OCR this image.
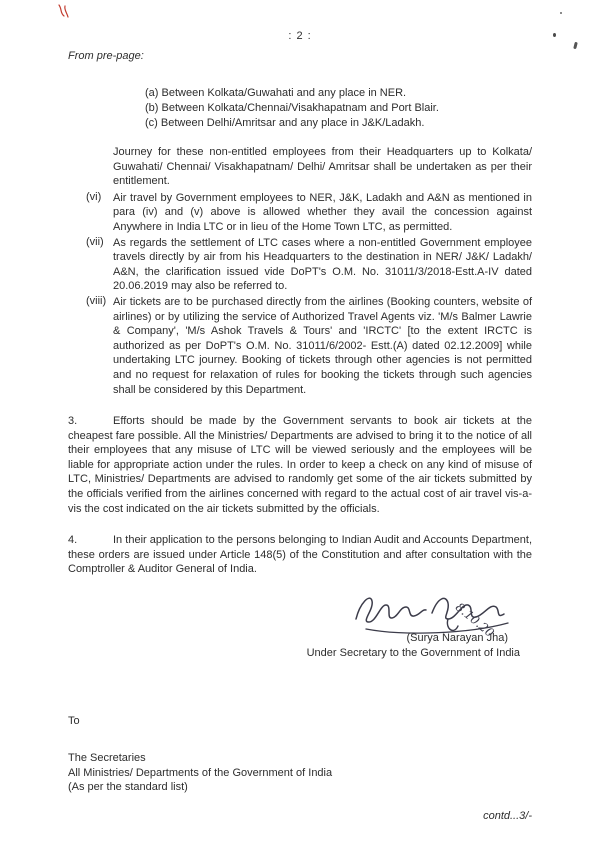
: 2 :
From pre-page:
(a) Between Kolkata/Guwahati and any place in NER.
(b) Between Kolkata/Chennai/Visakhapatnam and Port Blair.
(c) Between Delhi/Amritsar and any place in J&K/Ladakh.

Journey for these non-entitled employees from their Headquarters up to Kolkata/ Guwahati/ Chennai/ Visakhapatnam/ Delhi/ Amritsar shall be undertaken as per their entitlement.

(vi)	Air travel by Government employees to NER, J&K, Ladakh and A&N as mentioned in para (iv) and (v) above is allowed whether they avail the concession against Anywhere in India LTC or in lieu of the Home Town LTC, as permitted.
(vii) As regards the settlement of LTC cases where a non-entitled Government employee travels directly by air from his Headquarters to the destination in NER/ J&K/ Ladakh/ A&N, the clarification issued vide DoPT's O.M. No. 31011/3/2018-Estt.A-IV dated 20.06.2019 may also be referred to.
(viii) Air tickets are to be purchased directly from the airlines (Booking counters, website of airlines) or by utilizing the service of Authorized Travel Agents viz. 'M/s Balmer Lawrie & Company', 'M/s Ashok Travels & Tours' and 'IRCTC' [to the extent IRCTC is authorized as per DoPT's O.M. No. 31011/6/2002- Estt.(A) dated 02.12.2009] while undertaking LTC journey. Booking of tickets through other agencies is not permitted and no request for relaxation of rules for booking the tickets through such agencies shall be considered by this Department.

3.	Efforts should be made by the Government servants to book air tickets at the cheapest fare possible. All the Ministries/ Departments are advised to bring it to the notice of all their employees that any misuse of LTC will be viewed seriously and the employees will be liable for appropriate action under the rules. In order to keep a check on any kind of misuse of LTC, Ministries/ Departments are advised to randomly get some of the air tickets submitted by the officials verified from the airlines concerned with regard to the actual cost of air travel vis-a-vis the cost indicated on the air tickets submitted by the officials.

4.	In their application to the persons belonging to Indian Audit and Accounts Department, these orders are issued under Article 148(5) of the Constitution and after consultation with the Comptroller & Auditor General of India.

8.10.20
(Surya Narayan Jha)
Under Secretary to the Government of India
To
The Secretaries
All Ministries/ Departments of the Government of India
(As per the standard list)
contd...3/-
